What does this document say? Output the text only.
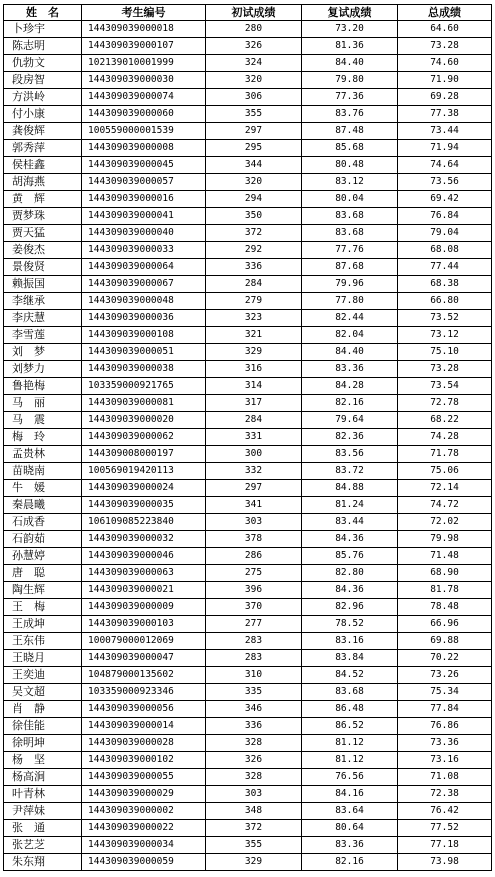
姓　名	考生编号	初试成绩	复试成绩	总成绩
卜珍宇	144309039000018	280	73.20	64.60
陈志明	144309039000107	326	81.36	73.28
仇勃文	102139010001999	324	84.40	74.60
段房智	144309039000030	320	79.80	71.90
方洪岭	144309039000074	306	77.36	69.28
付小康	144309039000060	355	83.76	77.38
龚俊辉	100559000001539	297	87.48	73.44
郭秀萍	144309039000008	295	85.68	71.94
侯桂鑫	144309039000045	344	80.48	74.64
胡海燕	144309039000057	320	83.12	73.56
黄　辉	144309039000016	294	80.04	69.42
贾梦珠	144309039000041	350	83.68	76.84
贾天猛	144309039000040	372	83.68	79.04
姜俊杰	144309039000033	292	77.76	68.08
景俊贤	144309039000064	336	87.68	77.44
赖振国	144309039000067	284	79.96	68.38
李继承	144309039000048	279	77.80	66.80
李庆慧	144309039000036	323	82.44	73.52
李雪莲	144309039000108	321	82.04	73.12
刘　梦	144309039000051	329	84.40	75.10
刘梦力	144309039000038	316	83.36	73.28
鲁艳梅	103359000921765	314	84.28	73.54
马　丽	144309039000081	317	82.16	72.78
马　震	144309039000020	284	79.64	68.22
梅　玲	144309039000062	331	82.36	74.28
孟贵林	144309008000197	300	83.56	71.78
苗晓南	100569019420113	332	83.72	75.06
牛　媛	144309039000024	297	84.88	72.14
秦晨曦	144309039000035	341	81.24	74.72
石成香	106109085223840	303	83.44	72.02
石韵茹	144309039000032	378	84.36	79.98
孙慧婷	144309039000046	286	85.76	71.48
唐　聪	144309039000063	275	82.80	68.90
陶生辉	144309039000021	396	84.36	81.78
王　梅	144309039000009	370	82.96	78.48
王成坤	144309039000103	277	78.52	66.96
王东伟	100079000012069	283	83.16	69.88
王晓月	144309039000047	283	83.84	70.22
王奕迪	104879000135602	310	84.52	73.26
吴文超	103359000923346	335	83.68	75.34
肖　静	144309039000056	346	86.48	77.84
徐佳能	144309039000014	336	86.52	76.86
徐明坤	144309039000028	328	81.12	73.36
杨　坚	144309039000102	326	81.12	73.16
杨高涧	144309039000055	328	76.56	71.08
叶青林	144309039000029	303	84.16	72.38
尹萍妹	144309039000002	348	83.64	76.42
张　通	144309039000022	372	80.64	77.52
张艺芝	144309039000034	355	83.36	77.18
朱东翔	144309039000059	329	82.16	73.98
